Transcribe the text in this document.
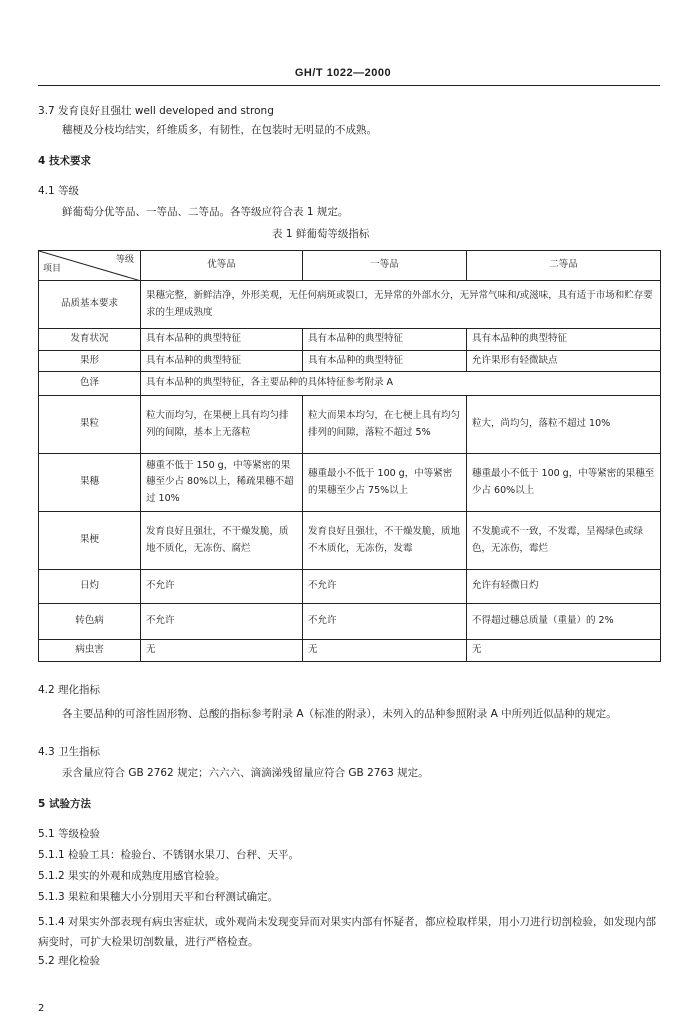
GH/T 1022—2000
3.7 发育良好且强壮 well developed and strong
穗梗及分枝均结实，纤维质多，有韧性，在包装时无明显的不成熟。
4 技术要求
4.1 等级
鲜葡萄分优等品、一等品、二等品。各等级应符合表 1 规定。
表 1 鲜葡萄等级指标
等级
项目	优等品	一等品	二等品
品质基本要求	果穗完整，新鲜洁净，外形美观，无任何病斑或裂口，无异常的外部水分，无异常气味和/或滋味，具有适于市场和贮存要求的生理成熟度		
发育状况	具有本品种的典型特征	具有本品种的典型特征	具有本品种的典型特征
果形	具有本品种的典型特征	具有本品种的典型特征	允许果形有轻微缺点
色泽	具有本品种的典型特征，各主要品种的具体特征参考附录 A		
果粒	粒大而均匀，在果梗上具有均匀排列的间隙，基本上无落粒	粒大而果本均匀，在七梗上具有均匀排列的间隙，落粒不超过 5%	粒大，尚均匀，落粒不超过 10%
果穗	穗重不低于 150 g，中等紧密的果穗至少占 80%以上，稀疏果穗不超过 10%	穗重最小不低于 100 g，中等紧密的果穗至少占 75%以上	穗重最小不低于 100 g，中等紧密的果穗至少占 60%以上
果梗	发育良好且强壮，不干燥发脆，质地不质化，无冻伤、腐烂	发育良好且强壮，不干燥发脆，质地不木质化，无冻伤，发霉	不发脆或不一致，不发霉，呈褐绿色或绿色，无冻伤，霉烂
日灼	不允许	不允许	允许有轻微日灼
转色病	不允许	不允许	不得超过穗总质量（重量）的 2%
病虫害	无	无	无
4.2 理化指标
各主要品种的可溶性固形物、总酸的指标参考附录 A（标准的附录），未列入的品种参照附录 A 中所列近似品种的规定。
4.3 卫生指标
汞含量应符合 GB 2762 规定；六六六、滴滴涕残留量应符合 GB 2763 规定。
5 试验方法
5.1 等级检验
5.1.1 检验工具：检验台、不锈钢水果刀、台秤、天平。
5.1.2 果实的外观和成熟度用感官检验。
5.1.3 果粒和果穗大小分别用天平和台秤测试确定。
5.1.4 对果实外部表现有病虫害症状，或外观尚未发现变异而对果实内部有怀疑者，都应检取样果，用小刀进行切剖检验，如发现内部病变时，可扩大检果切剖数量，进行严格检查。
5.2 理化检验
2
